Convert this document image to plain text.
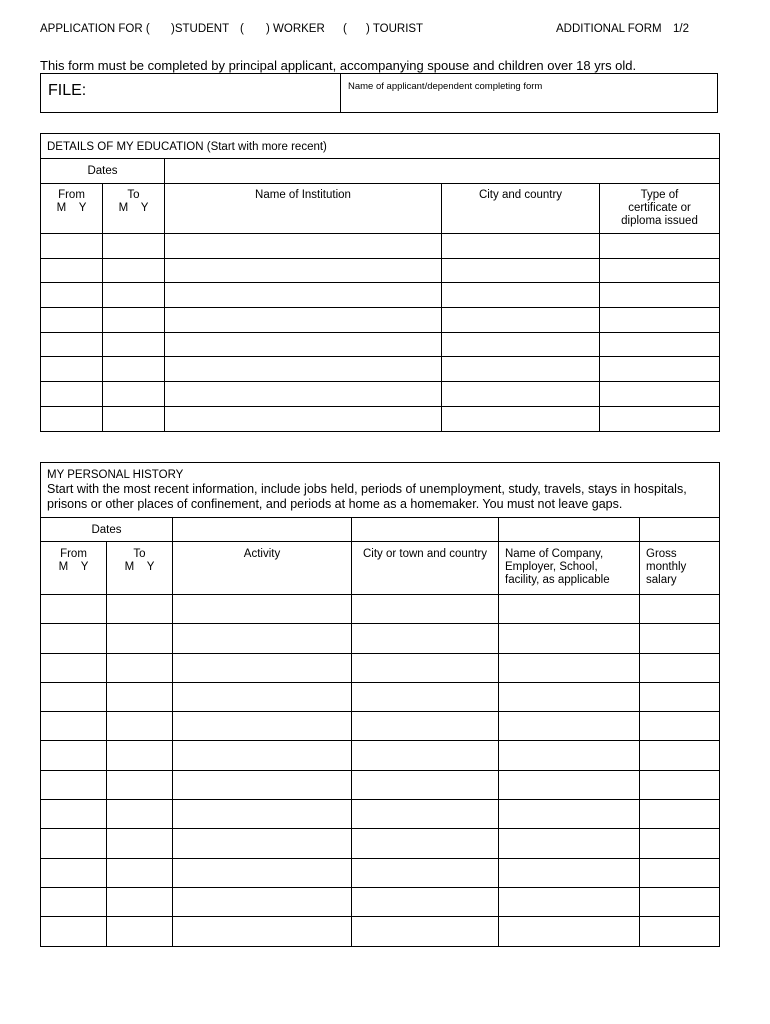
APPLICATION FOR ( )STUDENT ( ) WORKER ( ) TOURIST	ADDITIONAL FORM 1/2
This form must be completed by principal applicant, accompanying spouse and children over 18 yrs old.
FILE:	Name of applicant/dependent completing form
DETAILS OF MY EDUCATION (Start with more recent)				
Dates				

From
M    Y	To
M    Y	Name of Institution	City and country	Type of
certificate or
diploma issued

MY PERSONAL HISTORY
Start with the most recent information, include jobs held, periods of unemployment, study, travels, stays in hospitals,
prisons or other places of confinement, and periods at home as a homemaker. You must not leave gaps.					

Dates					

From
M    Y	To
M    Y	Activity	City or town and country	Name of Company,
Employer, School,
facility, as applicable	Gross
monthly
salary
